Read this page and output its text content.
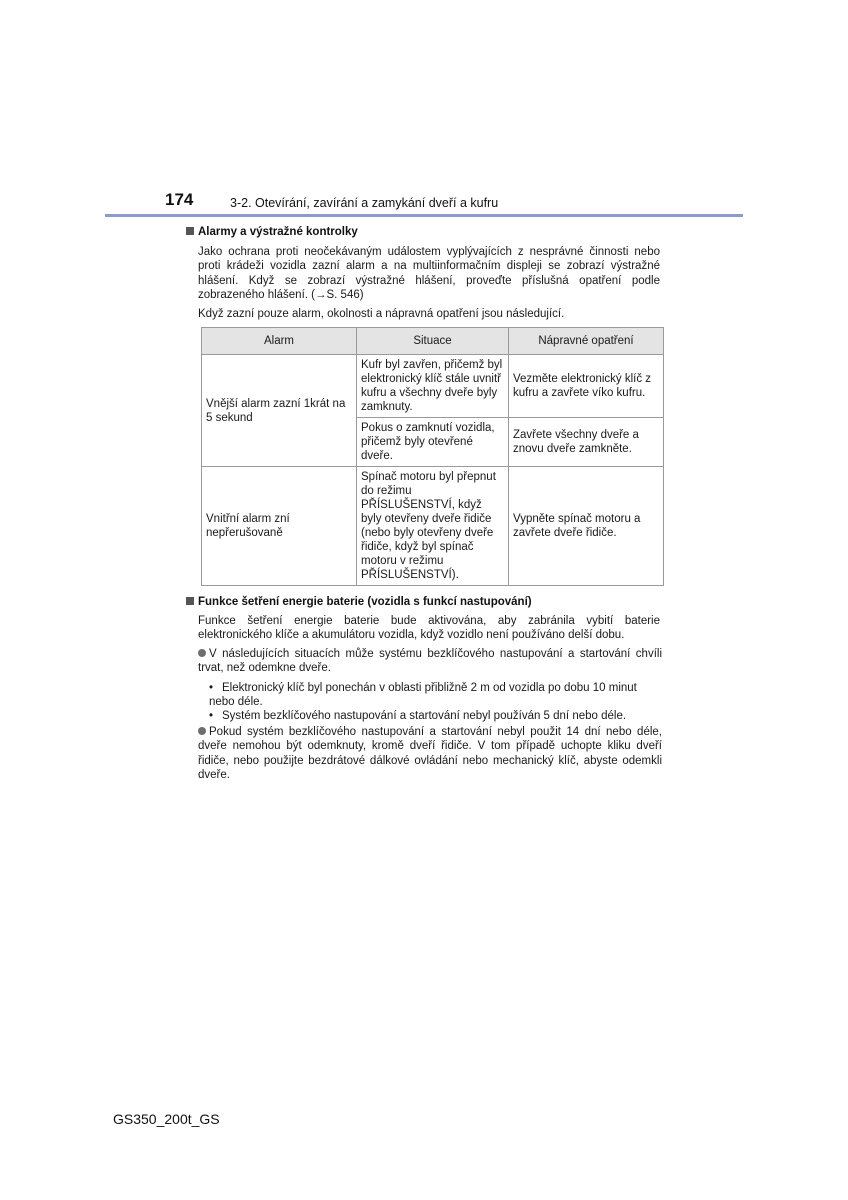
174	3-2. Otevírání, zavírání a zamykání dveří a kufru
Alarmy a výstražné kontrolky

Jako ochrana proti neočekávaným událostem vyplývajících z nesprávné činnosti nebo proti krádeži vozidla zazní alarm a na multiinformačním displeji se zobrazí výstražné hlášení. Když se zobrazí výstražné hlášení, proveďte příslušná opatření podle zobrazeného hlášení. (→S. 546)

Když zazní pouze alarm, okolnosti a nápravná opatření jsou následující.

Alarm	Situace	Nápravné opatření
Vnější alarm zazní 1krát na 5 sekund	Kufr byl zavřen, přičemž byl elektronický klíč stále uvnitř kufru a všechny dveře byly zamknuty.	Vezměte elektronický klíč z kufru a zavřete víko kufru.
	Pokus o zamknutí vozidla, přičemž byly otevřené dveře.	Zavřete všechny dveře a znovu dveře zamkněte.
Vnitřní alarm zní nepřerušovaně	Spínač motoru byl přepnut do režimu PŘÍSLUŠENSTVÍ, když byly otevřeny dveře řidiče (nebo byly otevřeny dveře řidiče, když byl spínač motoru v režimu PŘÍSLUŠENSTVÍ).	Vypněte spínač motoru a zavřete dveře řidiče.
Funkce šetření energie baterie (vozidla s funkcí nastupování)

Funkce šetření energie baterie bude aktivována, aby zabránila vybití baterie elektronického klíče a akumulátoru vozidla, když vozidlo není používáno delší dobu.

V následujících situacích může systému bezklíčového nastupování a startování chvíli trvat, než odemkne dveře.
• Elektronický klíč byl ponechán v oblasti přibližně 2 m od vozidla po dobu 10 minut nebo déle.
• Systém bezklíčového nastupování a startování nebyl používán 5 dní nebo déle.
Pokud systém bezklíčového nastupování a startování nebyl použit 14 dní nebo déle, dveře nemohou být odemknuty, kromě dveří řidiče. V tom případě uchopte kliku dveří řidiče, nebo použijte bezdrátové dálkové ovládání nebo mechanický klíč, abyste odemkli dveře.
GS350_200t_GS
